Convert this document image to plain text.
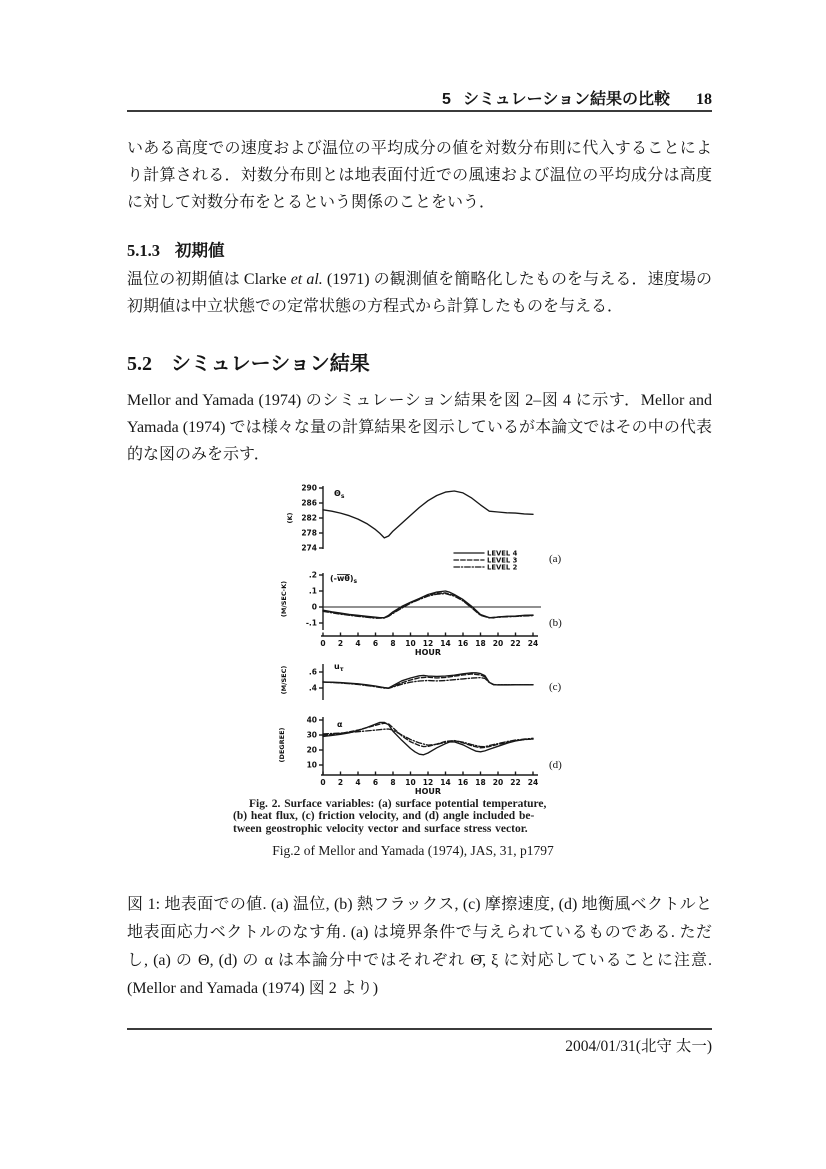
5 シミュレーション結果の比較 18

いある高度での速度および温位の平均成分の値を対数分布則に代入することにより計算される．対数分布則とは地表面付近での風速および温位の平均成分は高度に対して対数分布をとるという関係のことをいう．

5.1.3 初期値

温位の初期値は Clarke et al. (1971) の観測値を簡略化したものを与える．速度場の初期値は中立状態での定常状態の方程式から計算したものを与える．

5.2 シミュレーション結果

Mellor and Yamada (1974) のシミュレーション結果を図 2–図 4 に示す．Mellor and Yamada (1974) では様々な量の計算結果を図示しているが本論文ではその中の代表的な図のみを示す．

290
286
282
278
274
(K)
$\Theta_s$
(a)
.2
.1
0
-.1
(M/SEC·K)
$(-w\theta)_s$
(b)
0 2 4 6 8 10 12 14 16 18 20 22 24
HOUR
.6
.4
(M/SEC)	$u_\tau$
(c)
40
30
20
10
(DEGREE)
α
(d)
0 2 4 6 8 10 12 14 16 18 20 22 24
HOUR
LEVEL 4
LEVEL 3
LEVEL 2
Fig. 2. Surface variables: (a) surface potential temperature,
(b) heat flux, (c) friction velocity, and (d) angle included be-
tween geostrophic velocity vector and surface stress vector.
Fig.2 of Mellor and Yamada (1974), JAS, 31, p1797
図 1: 地表面での値. (a) 温位, (b) 熱フラックス, (c) 摩擦速度, (d) 地衡風ベクトルと地表面応力ベクトルのなす角. (a) は境界条件で与えられているものである. ただし, (a) の Θ, (d) の α は本論分中ではそれぞれ Θ̄, ξ に対応していることに注意. (Mellor and Yamada (1974) 図 2 より)
2004/01/31(北守 太一)
